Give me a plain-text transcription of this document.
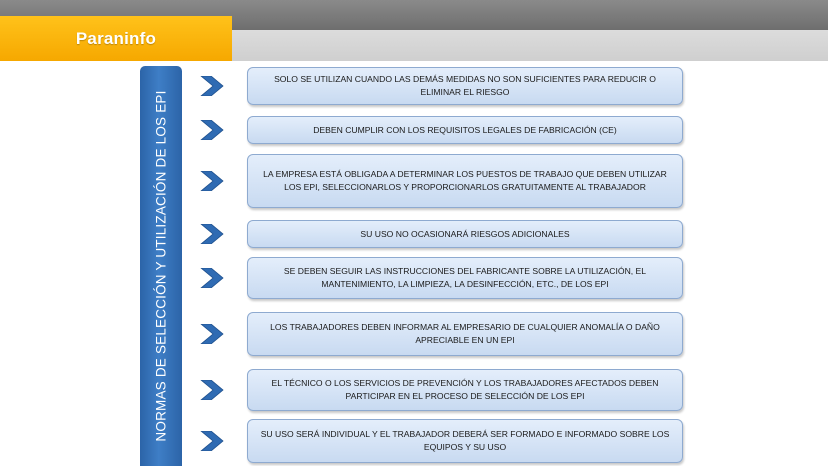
Paraninfo
NORMAS DE SELECCIÓN Y UTILIZACIÓN DE LOS EPI
SOLO SE UTILIZAN CUANDO LAS DEMÁS MEDIDAS NO SON SUFICIENTES PARA REDUCIR O ELIMINAR EL RIESGO
DEBEN CUMPLIR CON LOS REQUISITOS LEGALES DE FABRICACIÓN (CE)
LA EMPRESA ESTÁ OBLIGADA A DETERMINAR LOS PUESTOS DE TRABAJO QUE DEBEN UTILIZAR LOS EPI, SELECCIONARLOS Y PROPORCIONARLOS GRATUITAMENTE AL TRABAJADOR
SU USO NO OCASIONARÁ RIESGOS ADICIONALES
SE DEBEN SEGUIR LAS INSTRUCCIONES DEL FABRICANTE SOBRE LA UTILIZACIÓN, EL MANTENIMIENTO, LA LIMPIEZA, LA DESINFECCIÓN, ETC., DE LOS EPI
LOS TRABAJADORES DEBEN INFORMAR AL EMPRESARIO DE CUALQUIER ANOMALÍA O DAÑO APRECIABLE EN UN EPI
EL TÉCNICO O LOS SERVICIOS DE PREVENCIÓN Y LOS TRABAJADORES AFECTADOS DEBEN PARTICIPAR EN EL PROCESO DE SELECCIÓN DE LOS EPI
SU USO SERÁ INDIVIDUAL Y EL TRABAJADOR DEBERÁ SER FORMADO E INFORMADO SOBRE LOS EQUIPOS Y SU USO
